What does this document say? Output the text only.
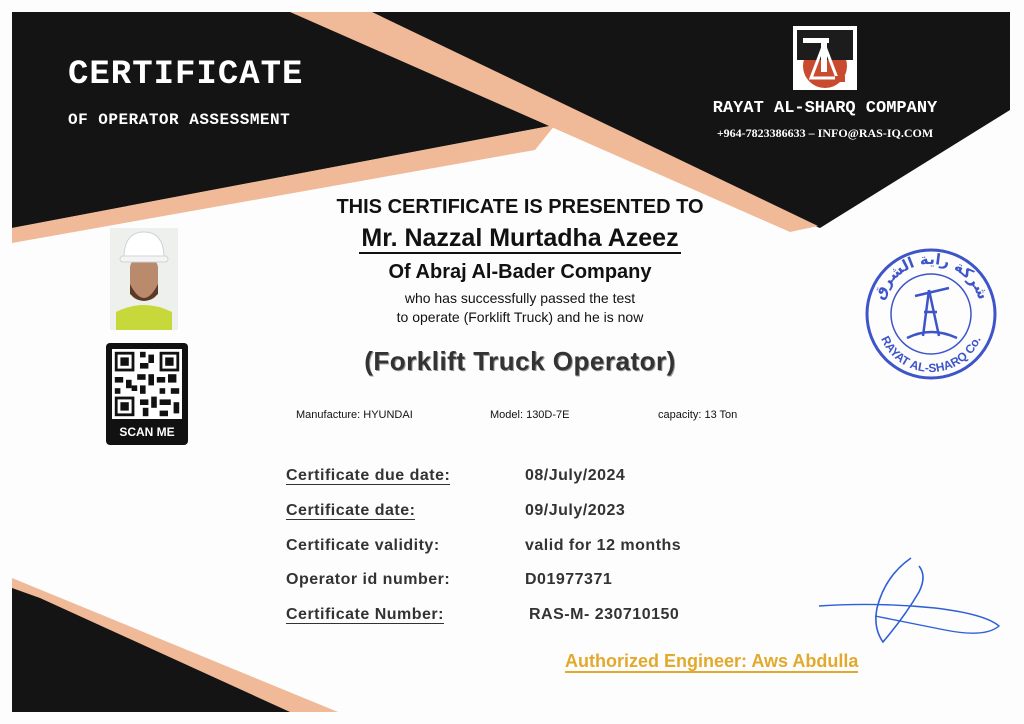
CERTIFICATE
OF OPERATOR ASSESSMENT
RAYAT AL-SHARQ COMPANY
+964-7823386633 – INFO@RAS-IQ.COM
THIS CERTIFICATE IS PRESENTED TO
Mr. Nazzal Murtadha Azeez
Of Abraj Al-Bader Company
who has successfully passed the test
to operate (Forklift Truck) and he is now
(Forklift Truck Operator)
Manufacture: HYUNDAI	Model: 130D-7E	capacity: 13 Ton
Certificate due date:	08/July/2024
Certificate date:	09/July/2023
Certificate validity:	valid for 12 months
Operator id number:	D01977371
Certificate Number:	RAS-M- 230710150
SCAN ME
شركة راية الشرق
RAYAT AL-SHARQ Co.
Authorized Engineer: Aws Abdulla
